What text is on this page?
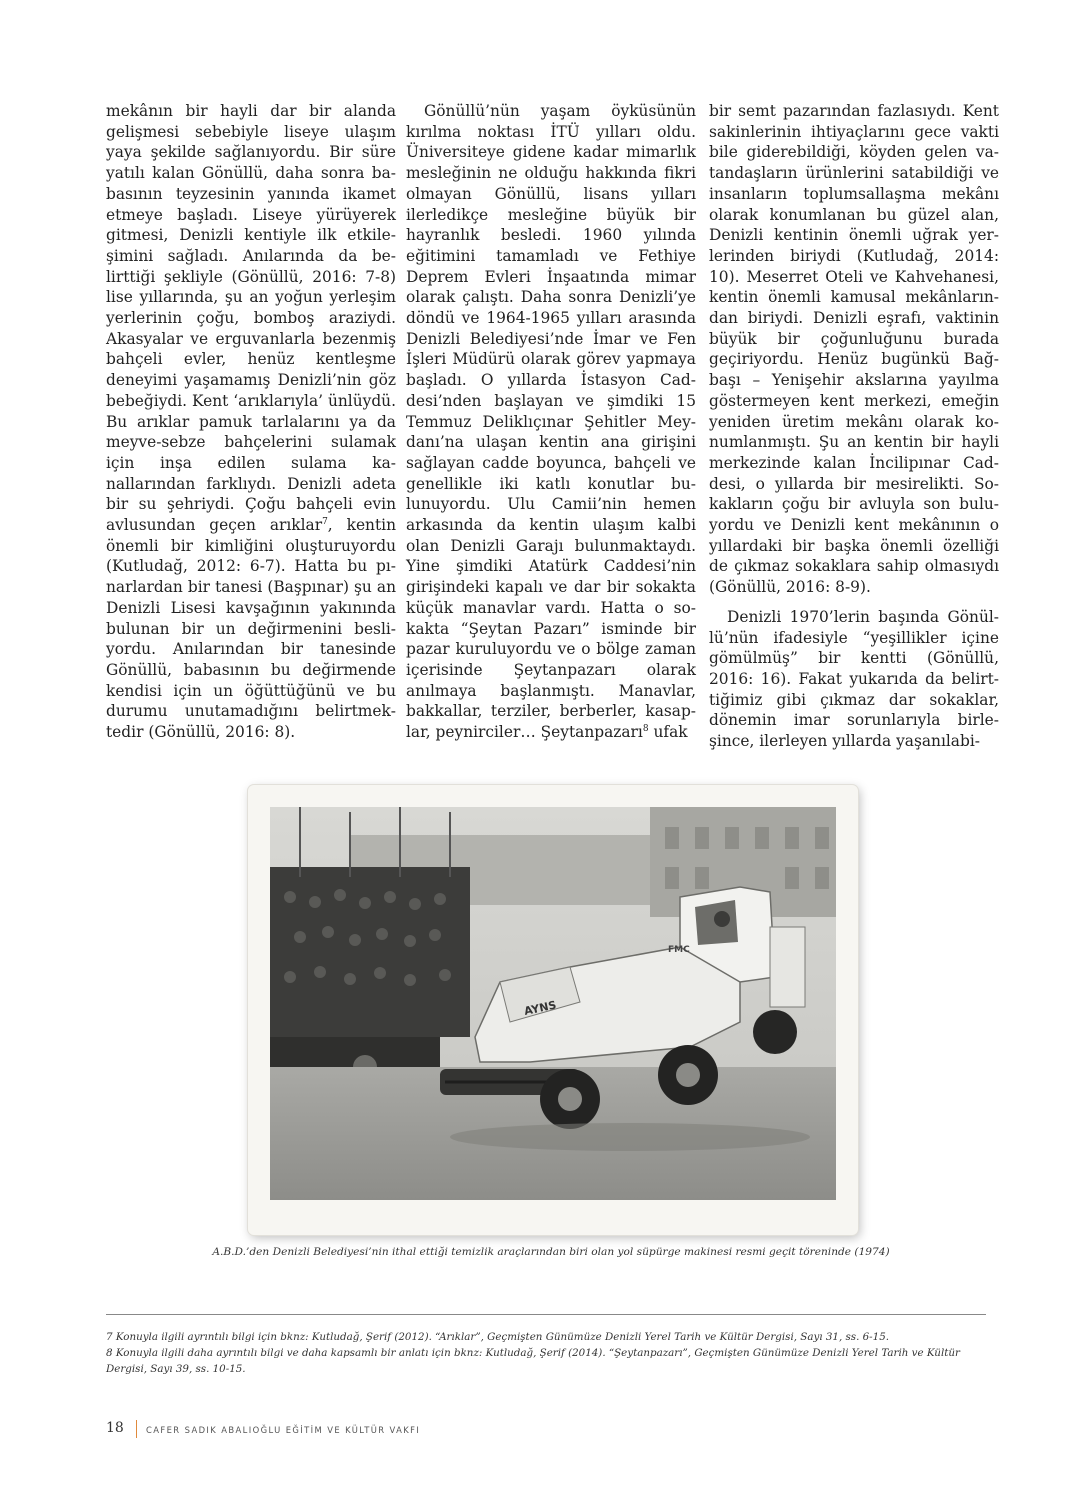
mekânın bir hayli dar bir alanda gelişmesi sebebiyle liseye ulaşım yaya şekilde sağlanıyordu. Bir süre yatılı kalan Gönüllü, daha sonra babasının teyzesinin yanında ikamet etmeye başladı. Liseye yürüyerek gitmesi, Denizli kentiyle ilk etkileşimini sağladı. Anılarında da belirttiği şekliyle (Gönüllü, 2016: 7-8) lise yıllarında, şu an yoğun yerleşim yerlerinin çoğu, bomboş araziydi. Akasyalar ve erguvanlarla bezenmiş bahçeli evler, henüz kentleşme deneyimi yaşamamış Denizli’nin göz bebeğiydi. Kent ‘arıklarıyla’ ünlüydü. Bu arıklar pamuk tarlalarını ya da meyve-sebze bahçelerini sulamak için inşa edilen sulama kanallarından farklıydı. Denizli adeta bir su şehriydi. Çoğu bahçeli evin avlusundan geçen arıklar$^7$, kentin önemli bir kimliğini oluşturuyordu (Kutludağ, 2012: 6-7). Hatta bu pınarlardan bir tanesi (Başpınar) şu an Denizli Lisesi kavşağının yakınında bulunan bir un değirmenini besliyordu. Anılarından bir tanesinde Gönüllü, babasının bu değirmende kendisi için un öğüttüğünü ve bu durumu unutamadığını belirtmektedir (Gönüllü, 2016: 8).

Gönüllü’nün yaşam öyküsünün kırılma noktası İTÜ yılları oldu. Üniversiteye gidene kadar mimarlık mesleğinin ne olduğu hakkında fikri olmayan Gönüllü, lisans yılları ilerledikçe mesleğine büyük bir hayranlık besledi. 1960 yılında eğitimini tamamladı ve Fethiye Deprem Evleri İnşaatında mimar olarak çalıştı. Daha sonra Denizli’ye döndü ve 1964-1965 yılları arasında Denizli Belediyesi’nde İmar ve Fen İşleri Müdürü olarak görev yapmaya başladı. O yıllarda İstasyon Caddesi’nden başlayan ve şimdiki 15 Temmuz Deliklıçınar Şehitler Meydanı’na ulaşan kentin ana girişini sağlayan cadde boyunca, bahçeli ve genellikle iki katlı konutlar bulunuyordu. Ulu Camii’nin hemen arkasında da kentin ulaşım kalbi olan Denizli Garajı bulunmaktaydı. Yine şimdiki Atatürk Caddesi’nin girişindeki kapalı ve dar bir sokakta küçük manavlar vardı. Hatta o sokakta “Şeytan Pazarı” isminde bir pazar kuruluyordu ve o bölge zaman içerisinde Şeytanpazarı olarak anılmaya başlanmıştı. Manavlar, bakkallar, terziler, berberler, kasaplar, peynirciler… Şeytanpazarı$^8$ ufak

bir semt pazarından fazlasıydı. Kent sakinlerinin ihtiyaçlarını gece vakti bile giderebildiği, köyden gelen vatandaşların ürünlerini satabildiği ve insanların toplumsallaşma mekânı olarak konumlanan bu güzel alan, Denizli kentinin önemli uğrak yerlerinden biriydi (Kutludağ, 2014: 10). Meserret Oteli ve Kahvehanesi, kentin önemli kamusal mekânlarından biriydi. Denizli eşrafı, vaktinin büyük bir çoğunluğunu burada geçiriyordu. Henüz bugünkü Bağbaşı – Yenişehir akslarına yayılma göstermeyen kent merkezi, emeğin yeniden üretim mekânı olarak konumlanmıştı. Şu an kentin bir hayli merkezinde kalan İncilipınar Caddesi, o yıllarda bir mesirelikti. Sokakların çoğu bir avluyla son buluyordu ve Denizli kent mekânının o yıllardaki bir başka önemli özelliği de çıkmaz sokaklara sahip olmasıydı (Gönüllü, 2016: 8-9).

Denizli 1970’lerin başında Gönüllü’nün ifadesiyle “yeşillikler içine gömülmüş” bir kentti (Gönüllü, 2016: 16). Fakat yukarıda da belirttiğimiz gibi çıkmaz dar sokaklar, dönemin imar sorunlarıyla birleşince, ilerleyen yıllarda yaşanılabi-

AYNS
FMC
A.B.D.’den Denizli Belediyesi’nin ithal ettiği temizlik araçlarından biri olan yol süpürge makinesi resmi geçit töreninde (1974)

7 Konuyla ilgili ayrıntılı bilgi için bknz: Kutludağ, Şerif (2012). “Arıklar”, Geçmişten Günümüze Denizli Yerel Tarih ve Kültür Dergisi, Sayı 31, ss. 6-15.

8 Konuyla ilgili daha ayrıntılı bilgi ve daha kapsamlı bir anlatı için bknz: Kutludağ, Şerif (2014). “Şeytanpazarı”, Geçmişten Günümüze Denizli Yerel Tarih ve Kültür Dergisi, Sayı 39, ss. 10-15.

18	CAFER SADIK ABALIOĞLU EĞİTİM VE KÜLTÜR VAKFI
